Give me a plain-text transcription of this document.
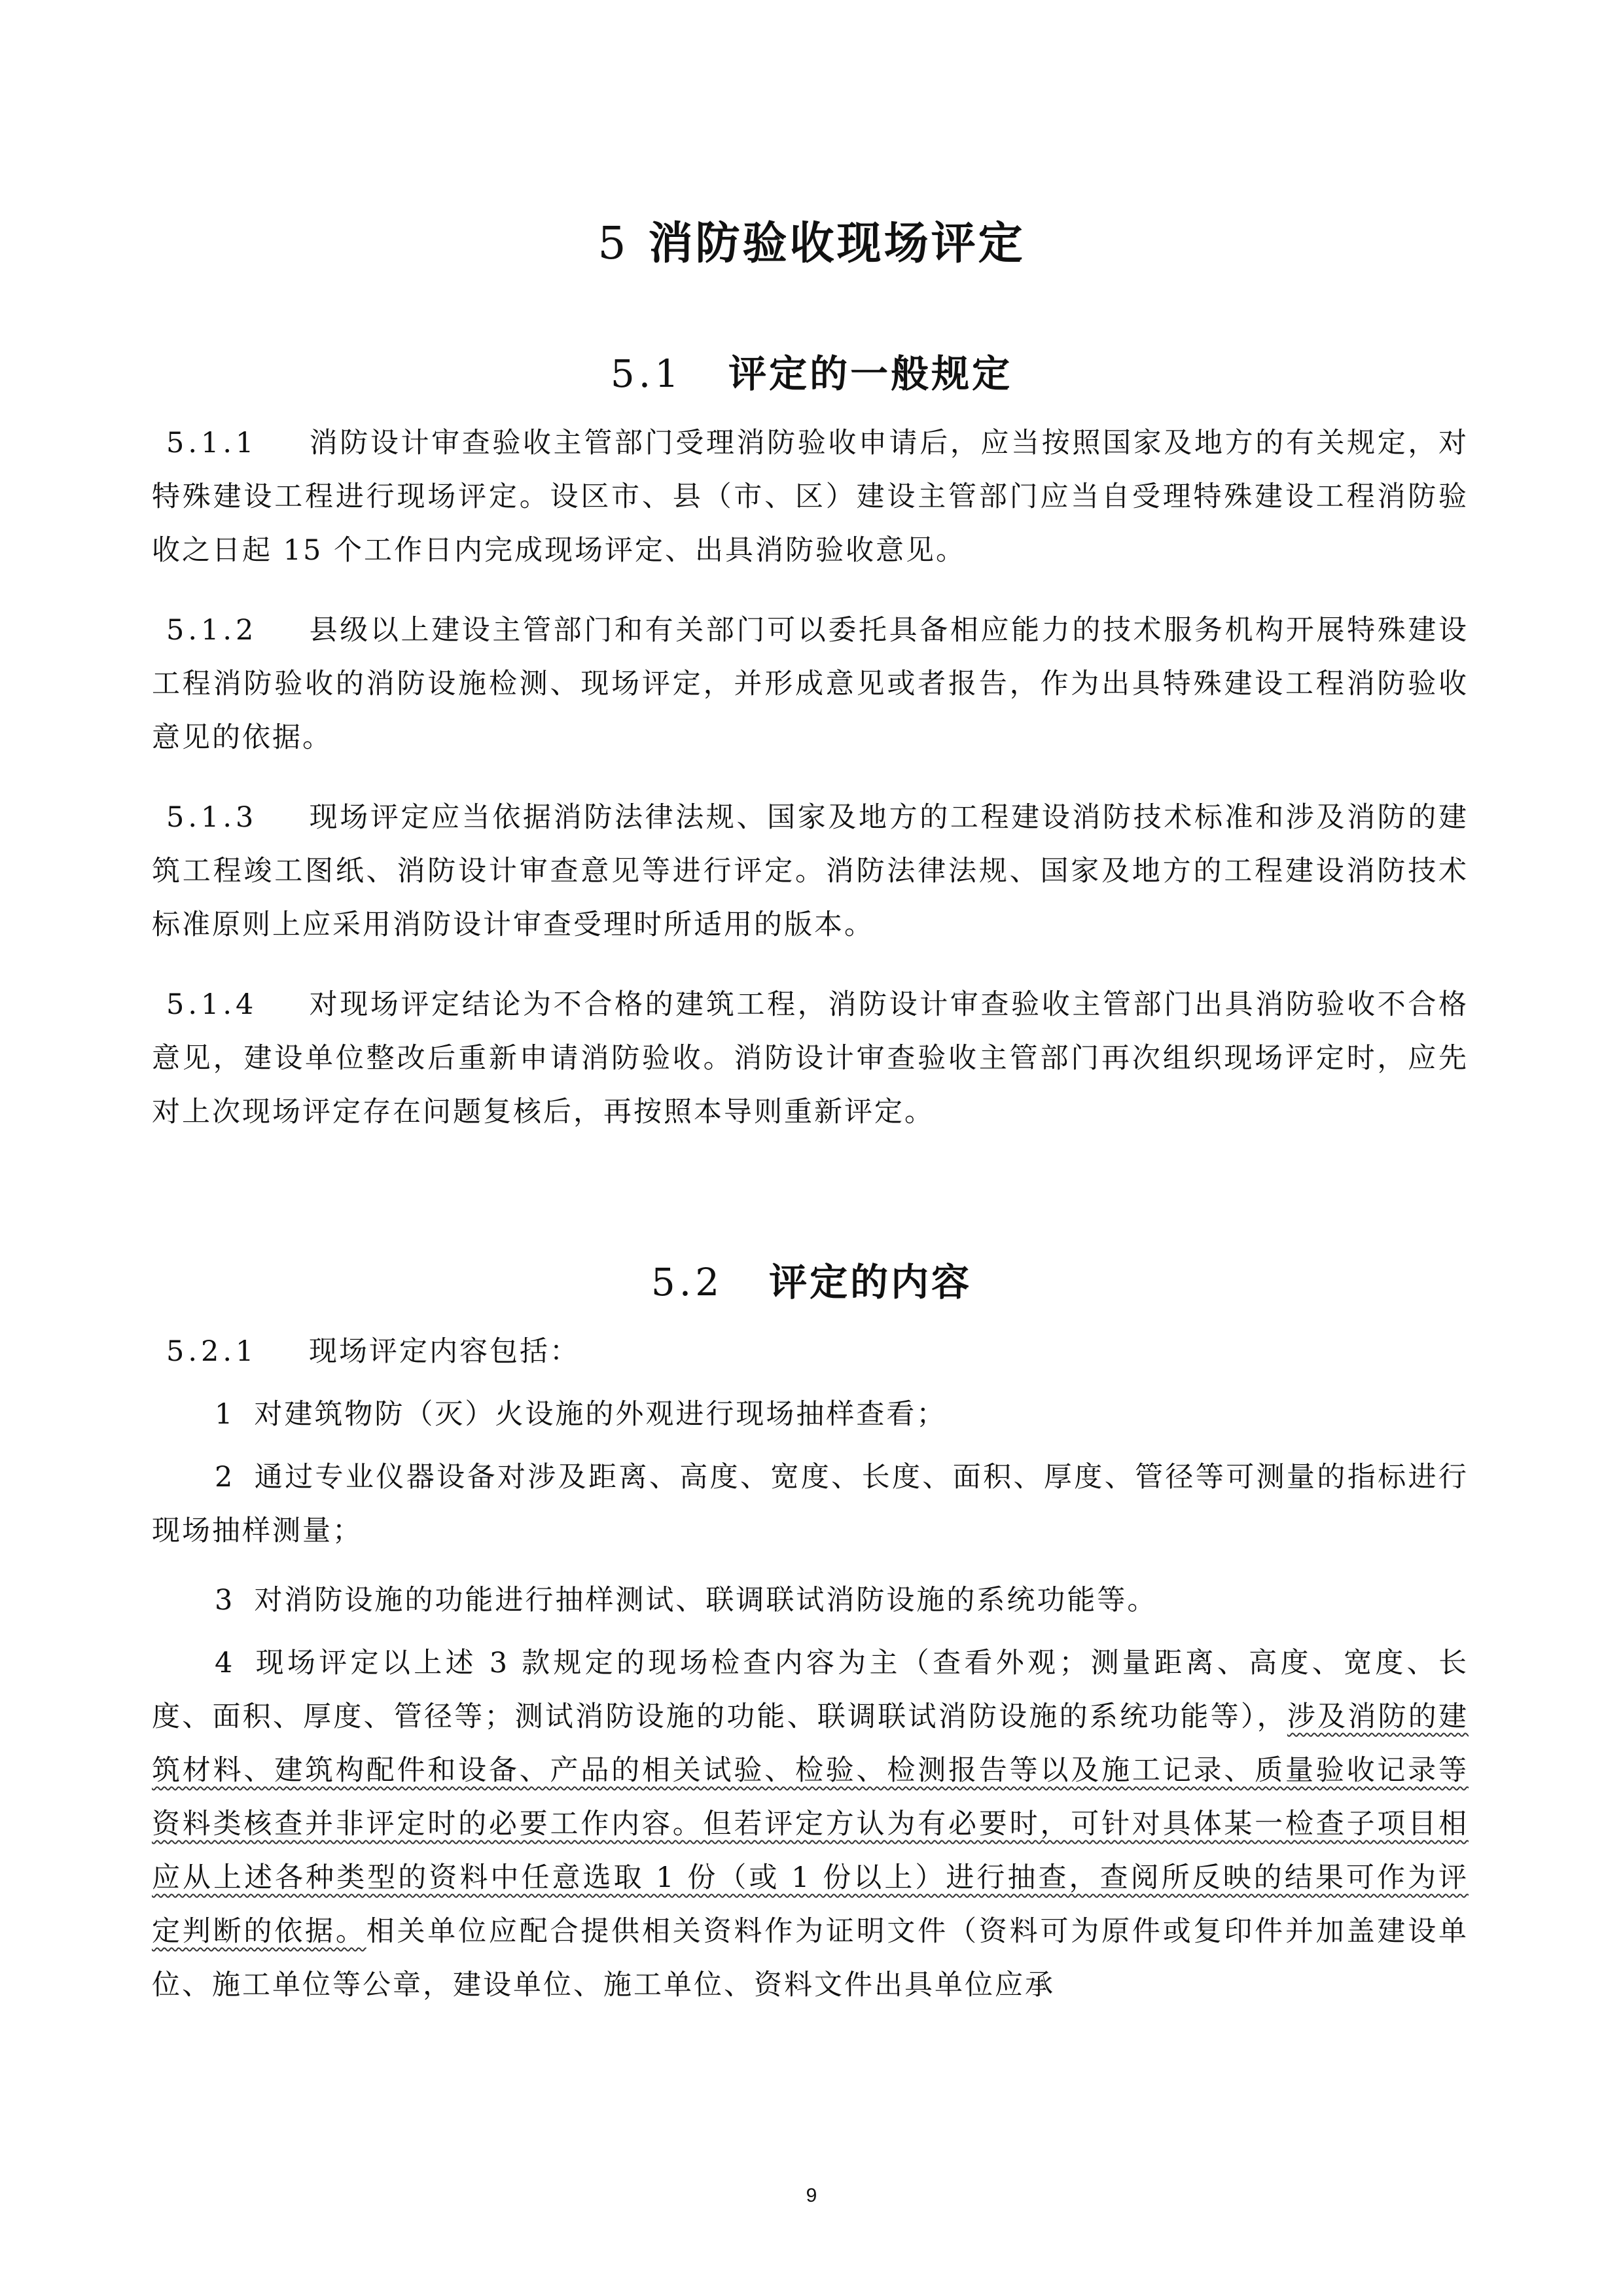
5 消防验收现场评定
5.1 评定的一般规定

5.1.1 消防设计审查验收主管部门受理消防验收申请后，应当按照国家及地方的有关规定，对特殊建设工程进行现场评定。设区市、县（市、区）建设主管部门应当自受理特殊建设工程消防验收之日起 15 个工作日内完成现场评定、出具消防验收意见。

5.1.2 县级以上建设主管部门和有关部门可以委托具备相应能力的技术服务机构开展特殊建设工程消防验收的消防设施检测、现场评定，并形成意见或者报告，作为出具特殊建设工程消防验收意见的依据。

5.1.3 现场评定应当依据消防法律法规、国家及地方的工程建设消防技术标准和涉及消防的建筑工程竣工图纸、消防设计审查意见等进行评定。消防法律法规、国家及地方的工程建设消防技术标准原则上应采用消防设计审查受理时所适用的版本。

5.1.4 对现场评定结论为不合格的建筑工程，消防设计审查验收主管部门出具消防验收不合格意见，建设单位整改后重新申请消防验收。消防设计审查验收主管部门再次组织现场评定时，应先对上次现场评定存在问题复核后，再按照本导则重新评定。

5.2 评定的内容

5.2.1 现场评定内容包括：

1 对建筑物防（灭）火设施的外观进行现场抽样查看；

2 通过专业仪器设备对涉及距离、高度、宽度、长度、面积、厚度、管径等可测量的指标进行现场抽样测量；

3 对消防设施的功能进行抽样测试、联调联试消防设施的系统功能等。

4 现场评定以上述 3 款规定的现场检查内容为主（查看外观；测量距离、高度、宽度、长度、面积、厚度、管径等；测试消防设施的功能、联调联试消防设施的系统功能等），涉及消防的建筑材料、建筑构配件和设备、产品的相关试验、检验、检测报告等以及施工记录、质量验收记录等资料类核查并非评定时的必要工作内容。但若评定方认为有必要时，可针对具体某一检查子项目相应从上述各种类型的资料中任意选取 1 份（或 1 份以上）进行抽查，查阅所反映的结果可作为评定判断的依据。相关单位应配合提供相关资料作为证明文件（资料可为原件或复印件并加盖建设单位、施工单位等公章，建设单位、施工单位、资料文件出具单位应承

9
